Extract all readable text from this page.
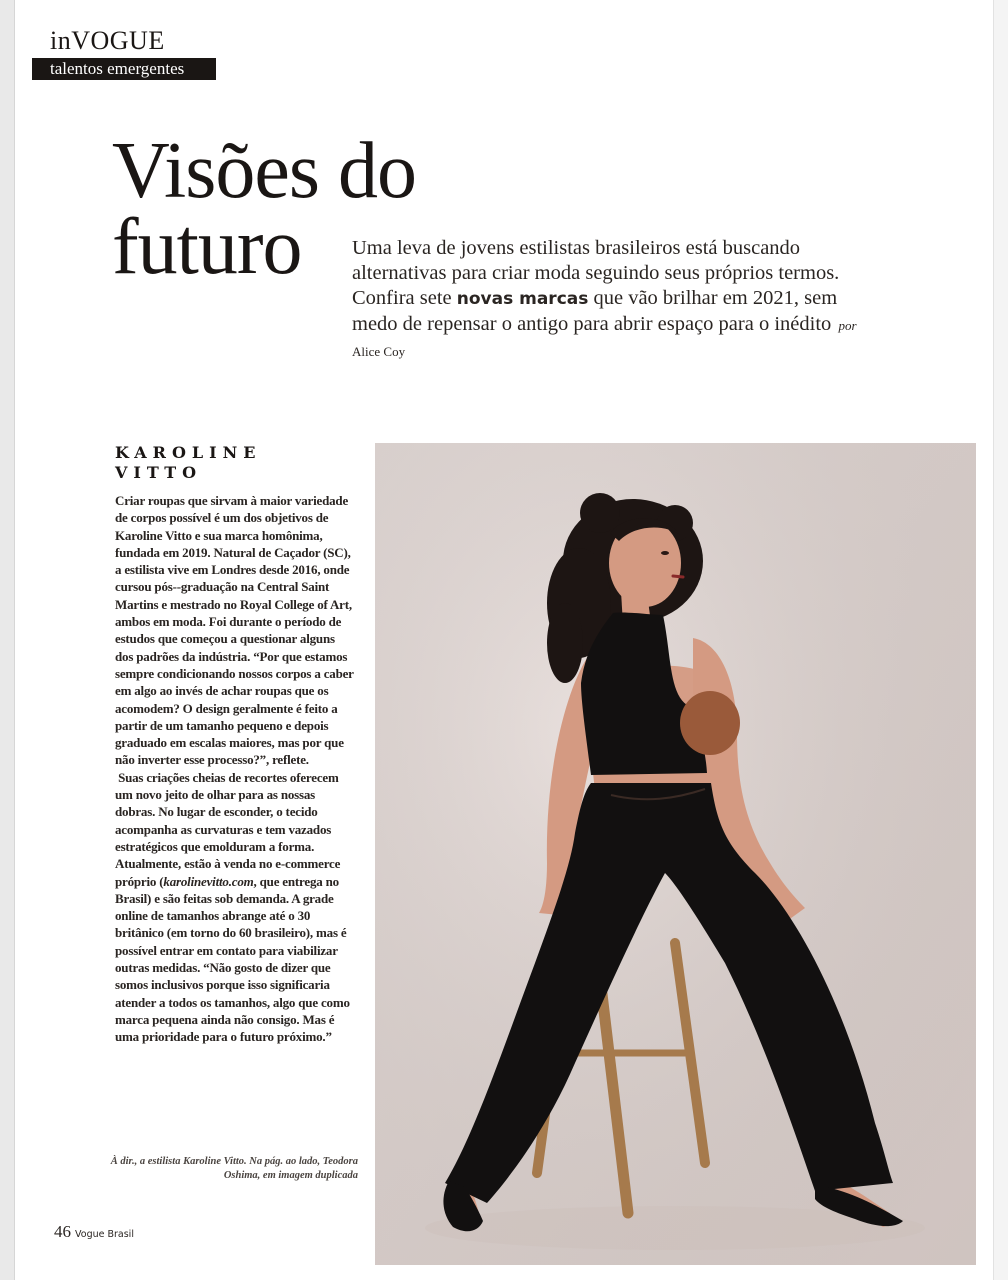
inVOGUE
talentos emergentes
Visões do
futuro	Uma leva de jovens estilistas brasileiros está buscando alternativas para criar moda seguindo seus próprios termos. Confira sete novas marcas que vão brilhar em 2021, sem medo de repensar o antigo para abrir espaço para o inédito por Alice Coy

KAROLINE
VITTO

Criar roupas que sirvam à maior variedade de corpos possível é um dos objetivos de Karoline Vitto e sua marca homônima, fundada em 2019. Natural de Caçador (SC), a estilista vive em Londres desde 2016, onde cursou pós--graduação na Central Saint Martins e mestrado no Royal College of Art, ambos em moda. Foi durante o período de estudos que começou a questionar alguns dos padrões da indústria. “Por que estamos sempre condicionando nossos corpos a caber em algo ao invés de achar roupas que os acomodem? O design geralmente é feito a partir de um tamanho pequeno e depois graduado em escalas maiores, mas por que não inverter esse processo?”, reflete.

Suas criações cheias de recortes oferecem um novo jeito de olhar para as nossas dobras. No lugar de esconder, o tecido acompanha as curvaturas e tem vazados estratégicos que emolduram a forma. Atualmente, estão à venda no e-commerce próprio (karolinevitto.com, que entrega no Brasil) e são feitas sob demanda. A grade online de tamanhos abrange até o 30 britânico (em torno do 60 brasileiro), mas é possível entrar em contato para viabilizar outras medidas. “Não gosto de dizer que somos inclusivos porque isso significaria atender a todos os tamanhos, algo que como marca pequena ainda não consigo. Mas é uma prioridade para o futuro próximo.”

À dir., a estilista Karoline Vitto. Na pág. ao lado, Teodora Oshima, em imagem duplicada

46 Vogue Brasil
